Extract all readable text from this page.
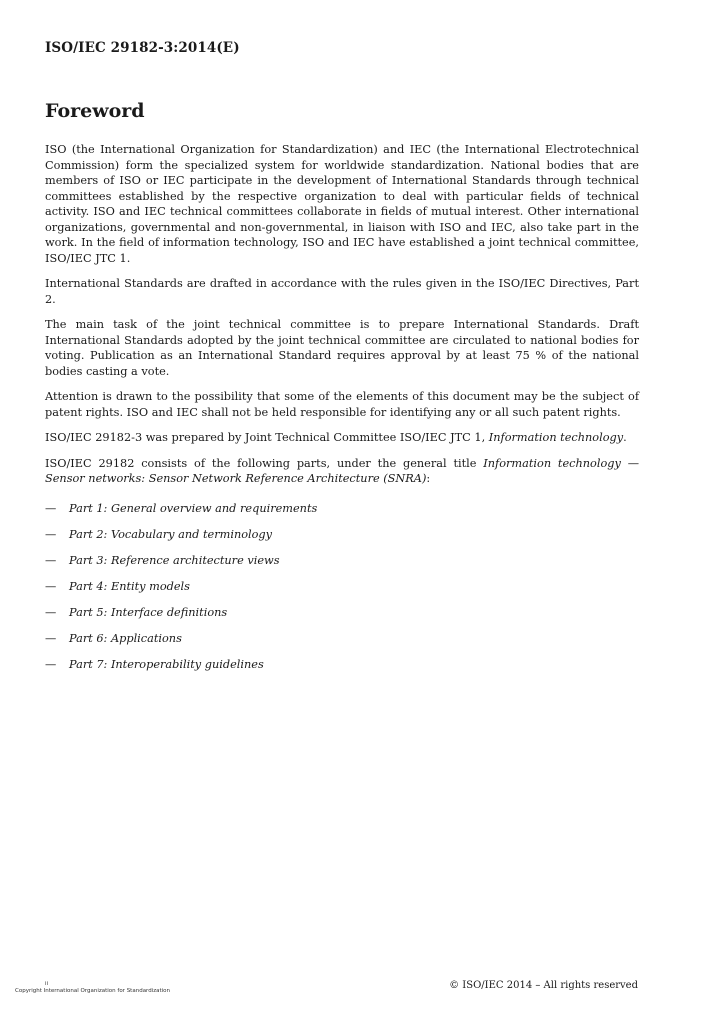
ISO/IEC 29182-3:2014(E)
Foreword

ISO (the International Organization for Standardization) and IEC (the International Electrotechnical Commission) form the specialized system for worldwide standardization. National bodies that are members of ISO or IEC participate in the development of International Standards through technical committees established by the respective organization to deal with particular fields of technical activity. ISO and IEC technical committees collaborate in fields of mutual interest. Other international organizations, governmental and non-governmental, in liaison with ISO and IEC, also take part in the work. In the field of information technology, ISO and IEC have established a joint technical committee, ISO/IEC JTC 1.

International Standards are drafted in accordance with the rules given in the ISO/IEC Directives, Part 2.

The main task of the joint technical committee is to prepare International Standards. Draft International Standards adopted by the joint technical committee are circulated to national bodies for voting. Publication as an International Standard requires approval by at least 75 % of the national bodies casting a vote.

Attention is drawn to the possibility that some of the elements of this document may be the subject of patent rights. ISO and IEC shall not be held responsible for identifying any or all such patent rights.

ISO/IEC 29182-3 was prepared by Joint Technical Committee ISO/IEC JTC 1, Information technology.

ISO/IEC 29182 consists of the following parts, under the general title Information technology — Sensor networks: Sensor Network Reference Architecture (SNRA):

—	Part 1: General overview and requirements
—	Part 2: Vocabulary and terminology
—	Part 3: Reference architecture views
—	Part 4: Entity models
—	Part 5: Interface definitions
—	Part 6: Applications
—	Part 7: Interoperability guidelines
ii
Copyright International Organization for Standardization	© ISO/IEC 2014 – All rights reserved
